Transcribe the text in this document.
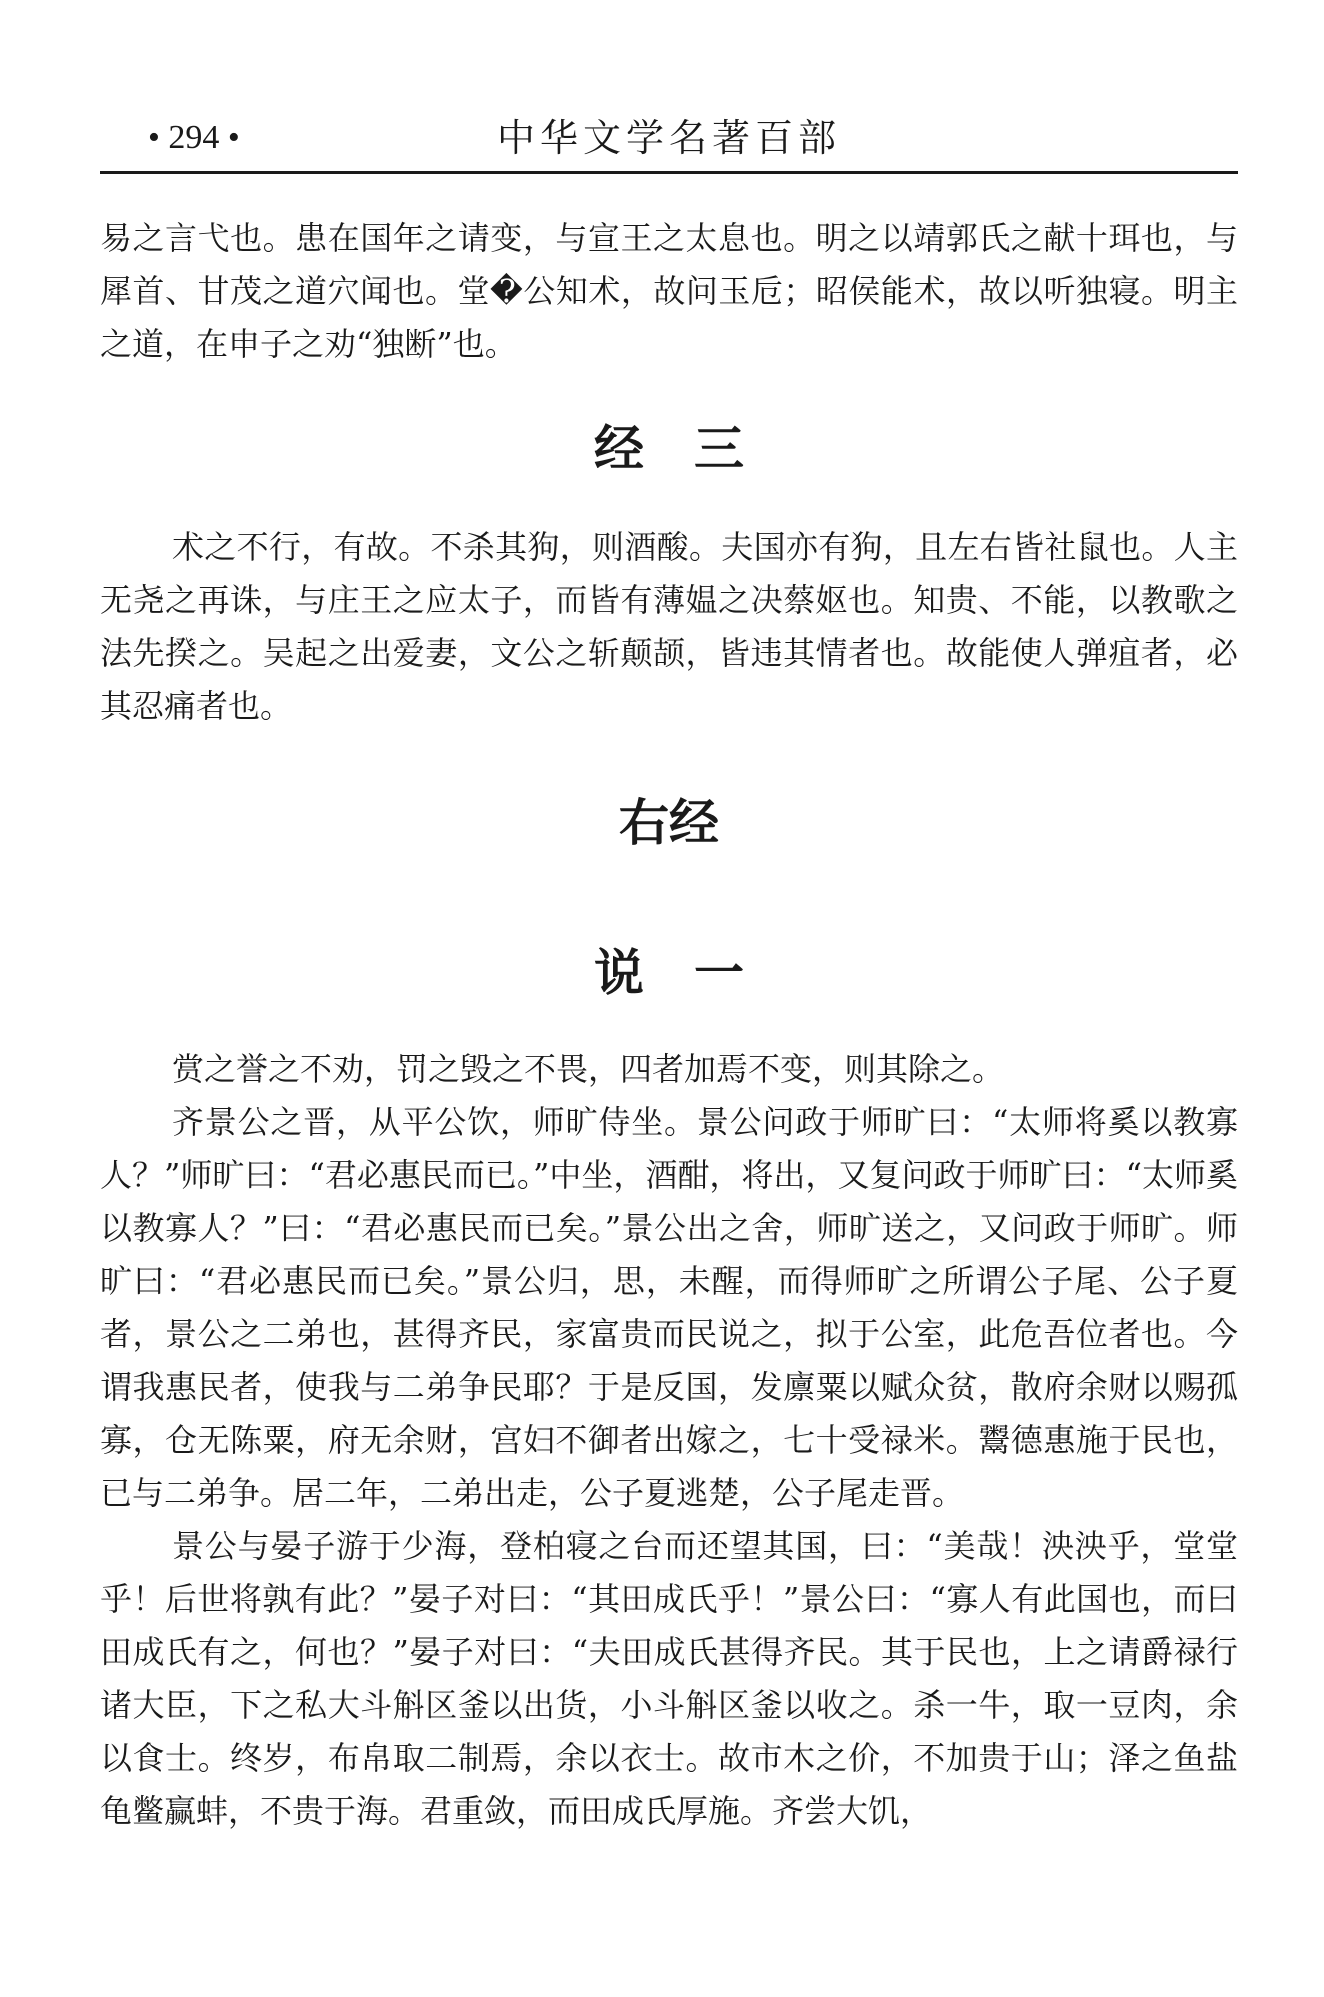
• 294 •	中华文学名著百部

易之言弋也。患在国年之请变，与宣王之太息也。明之以靖郭氏之献十珥也，与犀首、甘茂之道穴闻也。堂�公知术，故问玉卮；昭侯能术，故以听独寝。明主之道，在申子之劝“独断”也。

经　三

术之不行，有故。不杀其狗，则酒酸。夫国亦有狗，且左右皆社鼠也。人主无尧之再诛，与庄王之应太子，而皆有薄媪之决蔡妪也。知贵、不能，以教歌之法先揆之。吴起之出爱妻，文公之斩颠颉，皆违其情者也。故能使人弹疽者，必其忍痛者也。

右经
说　一

赏之誉之不劝，罚之毁之不畏，四者加焉不变，则其除之。

齐景公之晋，从平公饮，师旷侍坐。景公问政于师旷曰：“太师将奚以教寡人？”师旷曰：“君必惠民而已。”中坐，酒酣，将出，又复问政于师旷曰：“太师奚以教寡人？”曰：“君必惠民而已矣。”景公出之舍，师旷送之，又问政于师旷。师旷曰：“君必惠民而已矣。”景公归，思，未醒，而得师旷之所谓公子尾、公子夏者，景公之二弟也，甚得齐民，家富贵而民说之，拟于公室，此危吾位者也。今谓我惠民者，使我与二弟争民耶？于是反国，发廪粟以赋众贫，散府余财以赐孤寡，仓无陈粟，府无余财，宫妇不御者出嫁之，七十受禄米。鬻德惠施于民也，已与二弟争。居二年，二弟出走，公子夏逃楚，公子尾走晋。

景公与晏子游于少海，登柏寝之台而还望其国，曰：“美哉！泱泱乎，堂堂乎！后世将孰有此？”晏子对曰：“其田成氏乎！”景公曰：“寡人有此国也，而曰田成氏有之，何也？”晏子对曰：“夫田成氏甚得齐民。其于民也，上之请爵禄行诸大臣，下之私大斗斛区釜以出货，小斗斛区釜以收之。杀一牛，取一豆肉，余以食士。终岁，布帛取二制焉，余以衣士。故市木之价，不加贵于山；泽之鱼盐龟鳖赢蚌，不贵于海。君重敛，而田成氏厚施。齐尝大饥，
